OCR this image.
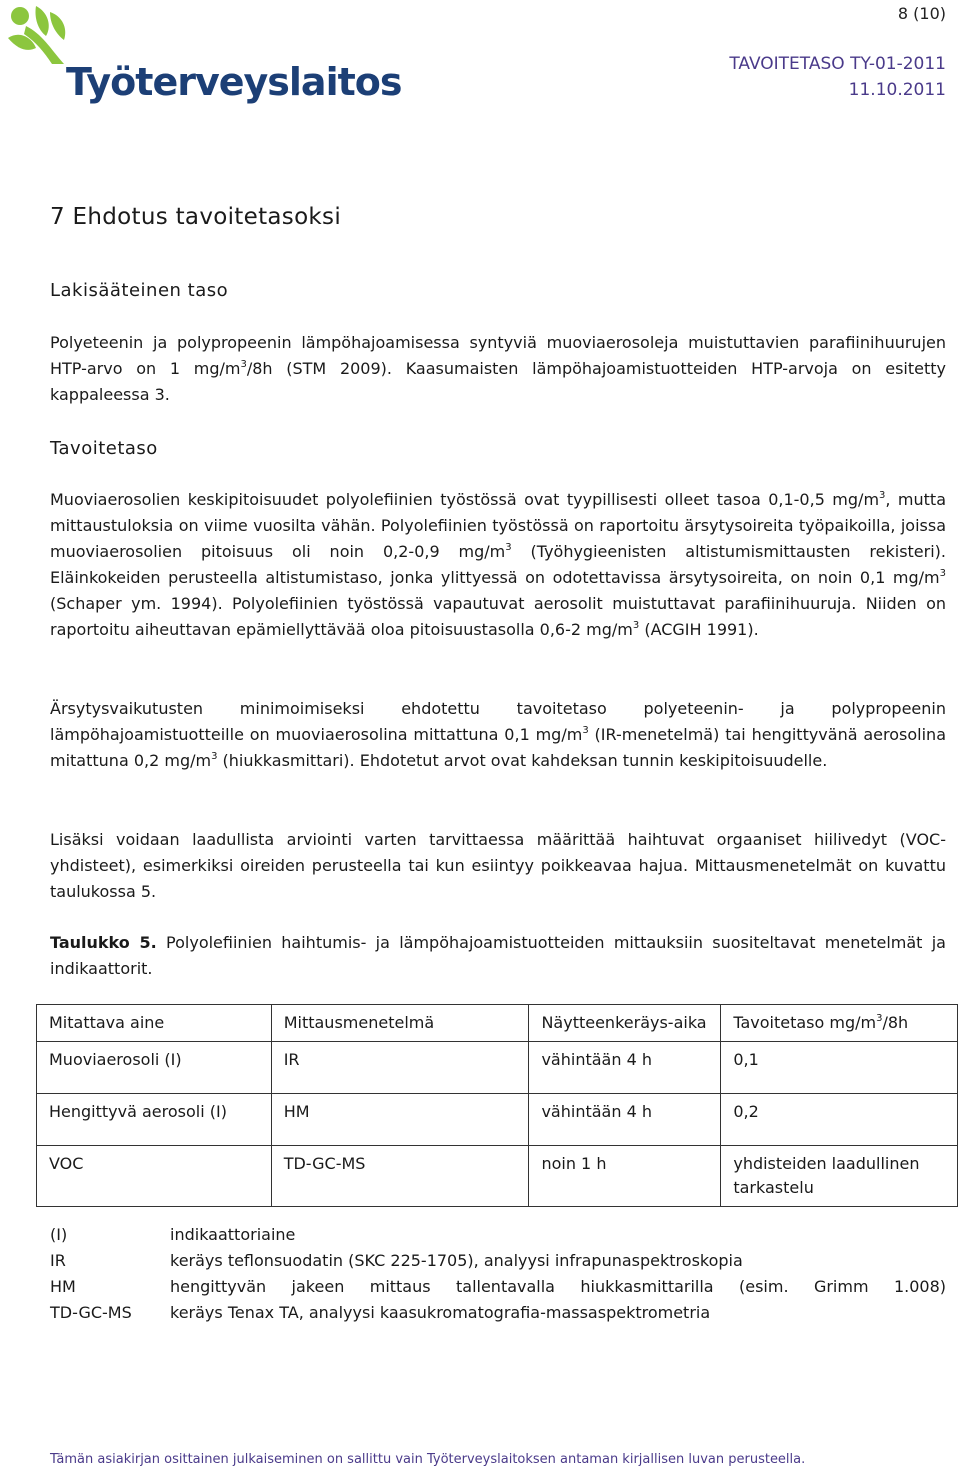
8 (10)
Työterveyslaitos	TAVOITETASO TY-01-2011
11.10.2011
7 Ehdotus tavoitetasoksi
Lakisääteinen taso
Polyeteenin ja polypropeenin lämpöhajoamisessa syntyviä muoviaerosoleja muistuttavien parafiinihuurujen HTP-arvo on 1 $mg/m^3/8h$ (STM 2009). Kaasumaisten lämpöhajoamistuotteiden HTP-arvoja on esitetty kappaleessa 3.
Tavoitetaso
Muoviaerosolien keskipitoisuudet polyolefiinien työstössä ovat tyypillisesti olleet tasoa 0,1-0,5 $mg/m^3$, mutta mittaustuloksia on viime vuosilta vähän. Polyolefiinien työstössä on raportoitu ärsytysoireita työpaikoilla, joissa muoviaerosolien pitoisuus oli noin 0,2-0,9 $mg/m^3$ (Työhygieenisten altistumismittausten rekisteri). Eläinkokeiden perusteella altistumistaso, jonka ylittyessä on odotettavissa ärsytysoireita, on noin 0,1 $mg/m^3$ (Schaper ym. 1994). Polyolefiinien työstössä vapautuvat aerosolit muistuttavat parafiinihuuruja. Niiden on raportoitu aiheuttavan epämiellyttävää oloa pitoisuustasolla 0,6-2 $mg/m^3$ (ACGIH 1991).
Ärsytysvaikutusten minimoimiseksi ehdotettu tavoitetaso polyeteenin- ja polypropeenin lämpöhajoamistuotteille on muoviaerosolina mittattuna 0,1 $mg/m^3$ (IR-menetelmä) tai hengittyvänä aerosolina mitattuna 0,2 $mg/m^3$ (hiukkasmittari). Ehdotetut arvot ovat kahdeksan tunnin keskipitoisuudelle.
Lisäksi voidaan laadullista arviointi varten tarvittaessa määrittää haihtuvat orgaaniset hiilivedyt (VOC-yhdisteet), esimerkiksi oireiden perusteella tai kun esiintyy poikkeavaa hajua. Mittausmenetelmät on kuvattu taulukossa 5.
Taulukko 5. Polyolefiinien haihtumis- ja lämpöhajoamistuotteiden mittauksiin suositeltavat menetelmät ja indikaattorit.
Mitattava aine	Mittausmenetelmä	Näytteenkeräys-aika	Tavoitetaso $mg/m^3/8h$
Muoviaerosoli (I)	IR	vähintään 4 h	0,1
Hengittyvä aerosoli (I)	HM	vähintään 4 h	0,2
VOC	TD-GC-MS	noin 1 h	yhdisteiden laadullinen tarkastelu
(I)	indikaattoriaine
IR	keräys teflonsuodatin (SKC 225-1705), analyysi infrapunaspektroskopia
HM	hengittyvän jakeen mittaus tallentavalla hiukkasmittarilla (esim. Grimm 1.008)
TD-GC-MS	keräys Tenax TA, analyysi kaasukromatografia-massaspektrometria
Tämän asiakirjan osittainen julkaiseminen on sallittu vain Työterveyslaitoksen antaman kirjallisen luvan perusteella.
